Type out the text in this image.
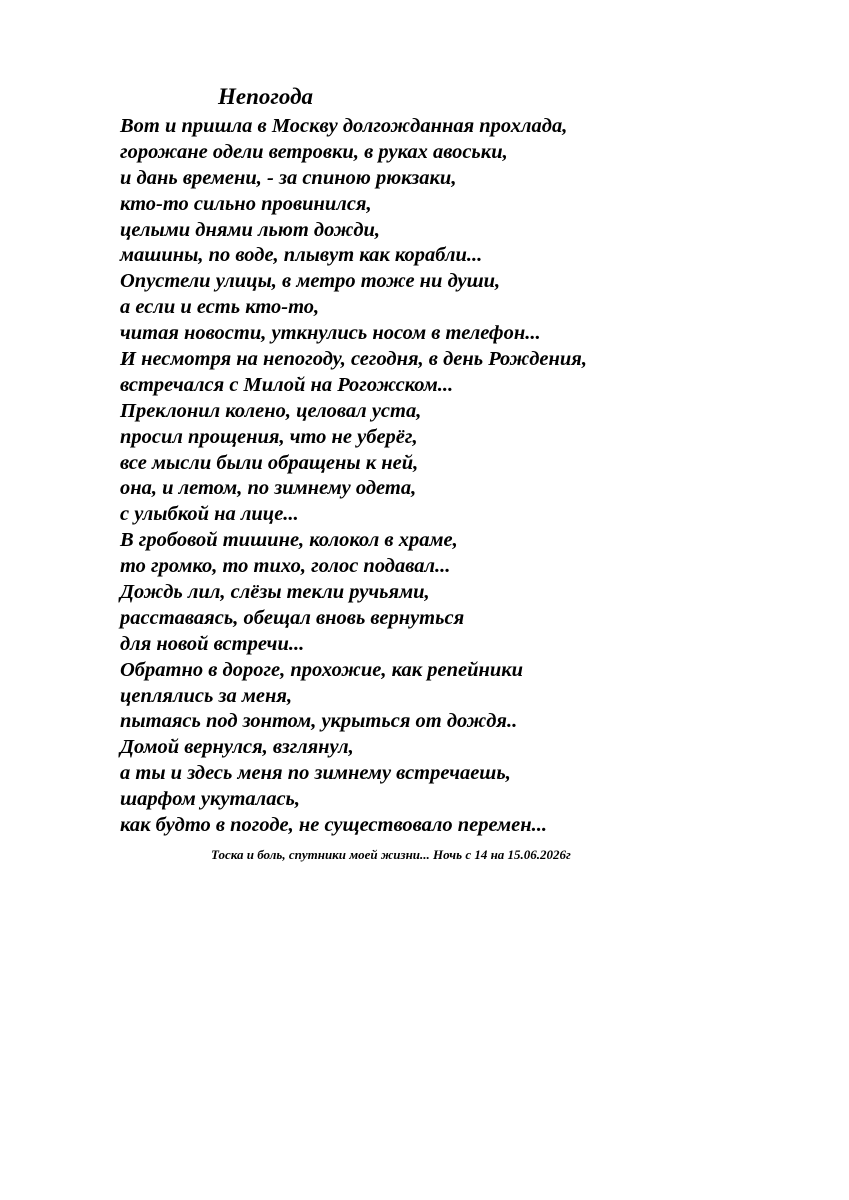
Непогода
Вот и пришла в Москву долгожданная прохлада,
горожане одели ветровки, в руках авоськи,
и дань времени, - за спиною рюкзаки,
кто-то сильно провинился,
целыми днями льют дожди,
машины, по воде, плывут как корабли...
Опустели улицы, в метро тоже ни души,
а если и есть кто-то,
читая новости, уткнулись носом в телефон...
И несмотря на непогоду, сегодня, в день Рождения,
встречался с Милой на Рогожском...
Преклонил колено, целовал уста,
просил прощения, что не уберёг,
все мысли были обращены к ней,
она, и летом, по зимнему одета,
с улыбкой на лице...
В гробовой тишине, колокол в храме,
то громко, то тихо, голос подавал...
Дождь лил, слёзы текли ручьями,
расставаясь, обещал вновь вернуться
для новой встречи...
Обратно в дороге, прохожие, как репейники
цеплялись за меня,
пытаясь под зонтом, укрыться от дождя..
Домой вернулся, взглянул,
а ты и здесь меня по зимнему встречаешь,
шарфом укуталась,
как будто в погоде, не существовало перемен...
Тоска и боль, спутники моей жизни... Ночь с 14 на 15.06.2026г
